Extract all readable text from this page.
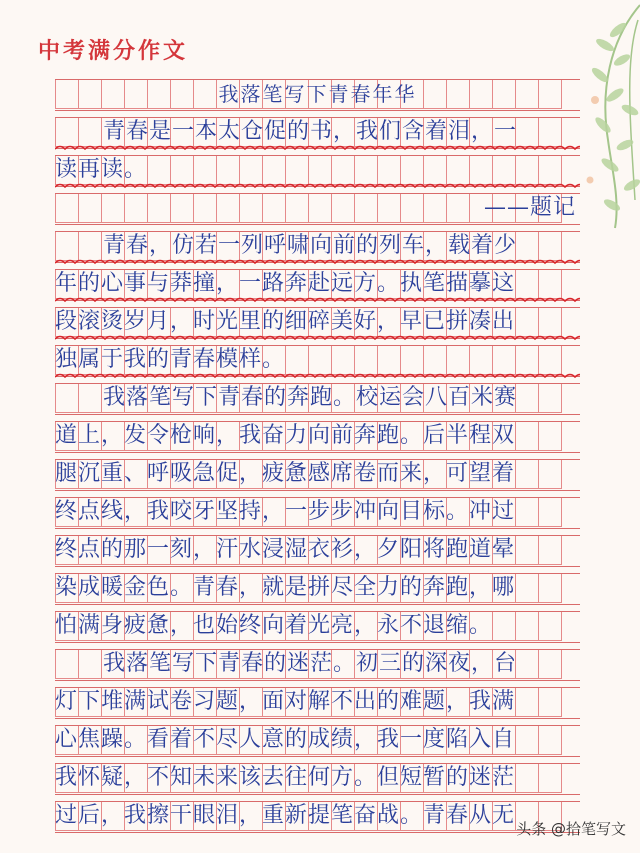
中考满分作文
我落笔写下青春年华
青春是一本太仓促的书，我们含着泪，一
读再读。
——题记
青春，仿若一列呼啸向前的列车，载着少
年的心事与莽撞，一路奔赴远方。执笔描摹这
段滚烫岁月，时光里的细碎美好，早已拼凑出
独属于我的青春模样。
我落笔写下青春的奔跑。校运会八百米赛
道上，发令枪响，我奋力向前奔跑。后半程双
腿沉重、呼吸急促，疲惫感席卷而来，可望着
终点线，我咬牙坚持，一步步冲向目标。冲过
终点的那一刻，汗水浸湿衣衫，夕阳将跑道晕
染成暖金色。青春，就是拼尽全力的奔跑，哪
怕满身疲惫，也始终向着光亮，永不退缩。
我落笔写下青春的迷茫。初三的深夜，台
灯下堆满试卷习题，面对解不出的难题，我满
心焦躁。看着不尽人意的成绩，我一度陷入自
我怀疑，不知未来该去往何方。但短暂的迷茫
过后，我擦干眼泪，重新提笔奋战。青春从无
头条 @拾笔写文
